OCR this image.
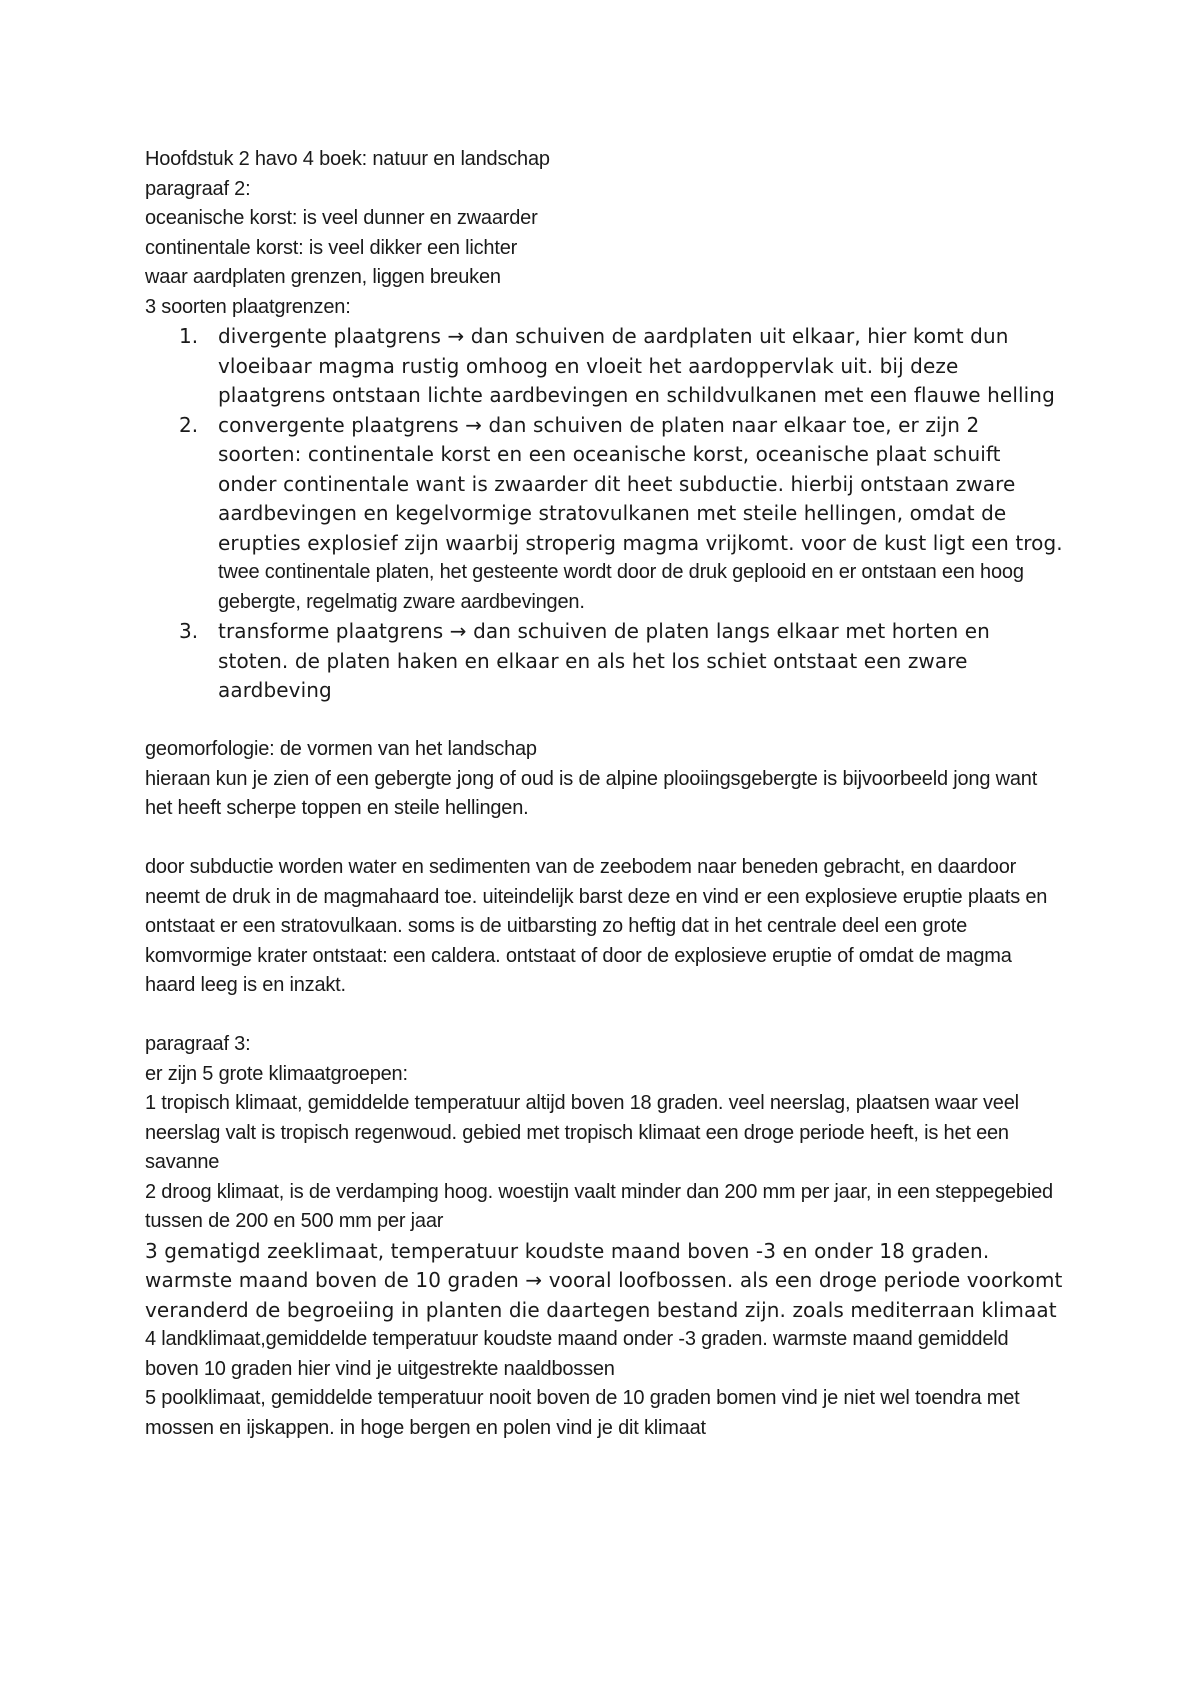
Hoofdstuk 2 havo 4 boek: natuur en landschap

paragraaf 2:

oceanische korst: is veel dunner en zwaarder

continentale korst: is veel dikker een lichter

waar aardplaten grenzen, liggen breuken

3 soorten plaatgrenzen:

1. divergente plaatgrens → dan schuiven de aardplaten uit elkaar, hier komt dun vloeibaar magma rustig omhoog en vloeit het aardoppervlak uit. bij deze plaatgrens ontstaan lichte aardbevingen en schildvulkanen met een flauwe helling

2. convergente plaatgrens → dan schuiven de platen naar elkaar toe, er zijn 2 soorten: continentale korst en een oceanische korst, oceanische plaat schuift onder continentale want is zwaarder dit heet subductie. hierbij ontstaan zware aardbevingen en kegelvormige stratovulkanen met steile hellingen, omdat de erupties explosief zijn waarbij stroperig magma vrijkomt. voor de kust ligt een trog.

twee continentale platen, het gesteente wordt door de druk geplooid en er ontstaan een hoog gebergte, regelmatig zware aardbevingen.

3. transforme plaatgrens → dan schuiven de platen langs elkaar met horten en stoten. de platen haken en elkaar en als het los schiet ontstaat een zware aardbeving

geomorfologie: de vormen van het landschap

hieraan kun je zien of een gebergte jong of oud is de alpine plooiingsgebergte is bijvoorbeeld jong want het heeft scherpe toppen en steile hellingen.

door subductie worden water en sedimenten van de zeebodem naar beneden gebracht, en daardoor neemt de druk in de magmahaard toe. uiteindelijk barst deze en vind er een explosieve eruptie plaats en ontstaat er een stratovulkaan. soms is de uitbarsting zo heftig dat in het centrale deel een grote komvormige krater ontstaat: een caldera. ontstaat of door de explosieve eruptie of omdat de magma haard leeg is en inzakt.

paragraaf 3:

er zijn 5 grote klimaatgroepen:

1 tropisch klimaat, gemiddelde temperatuur altijd boven 18 graden. veel neerslag, plaatsen waar veel neerslag valt is tropisch regenwoud. gebied met tropisch klimaat een droge periode heeft, is het een savanne

2 droog klimaat, is de verdamping hoog. woestijn vaalt minder dan 200 mm per jaar, in een steppegebied tussen de 200 en 500 mm per jaar

3 gematigd zeeklimaat, temperatuur koudste maand boven -3 en onder 18 graden. warmste maand boven de 10 graden → vooral loofbossen. als een droge periode voorkomt veranderd de begroeiing in planten die daartegen bestand zijn. zoals mediterraan klimaat

4 landklimaat,gemiddelde temperatuur koudste maand onder -3 graden. warmste maand gemiddeld boven 10 graden hier vind je uitgestrekte naaldbossen

5 poolklimaat, gemiddelde temperatuur nooit boven de 10 graden bomen vind je niet wel toendra met mossen en ijskappen. in hoge bergen en polen vind je dit klimaat
